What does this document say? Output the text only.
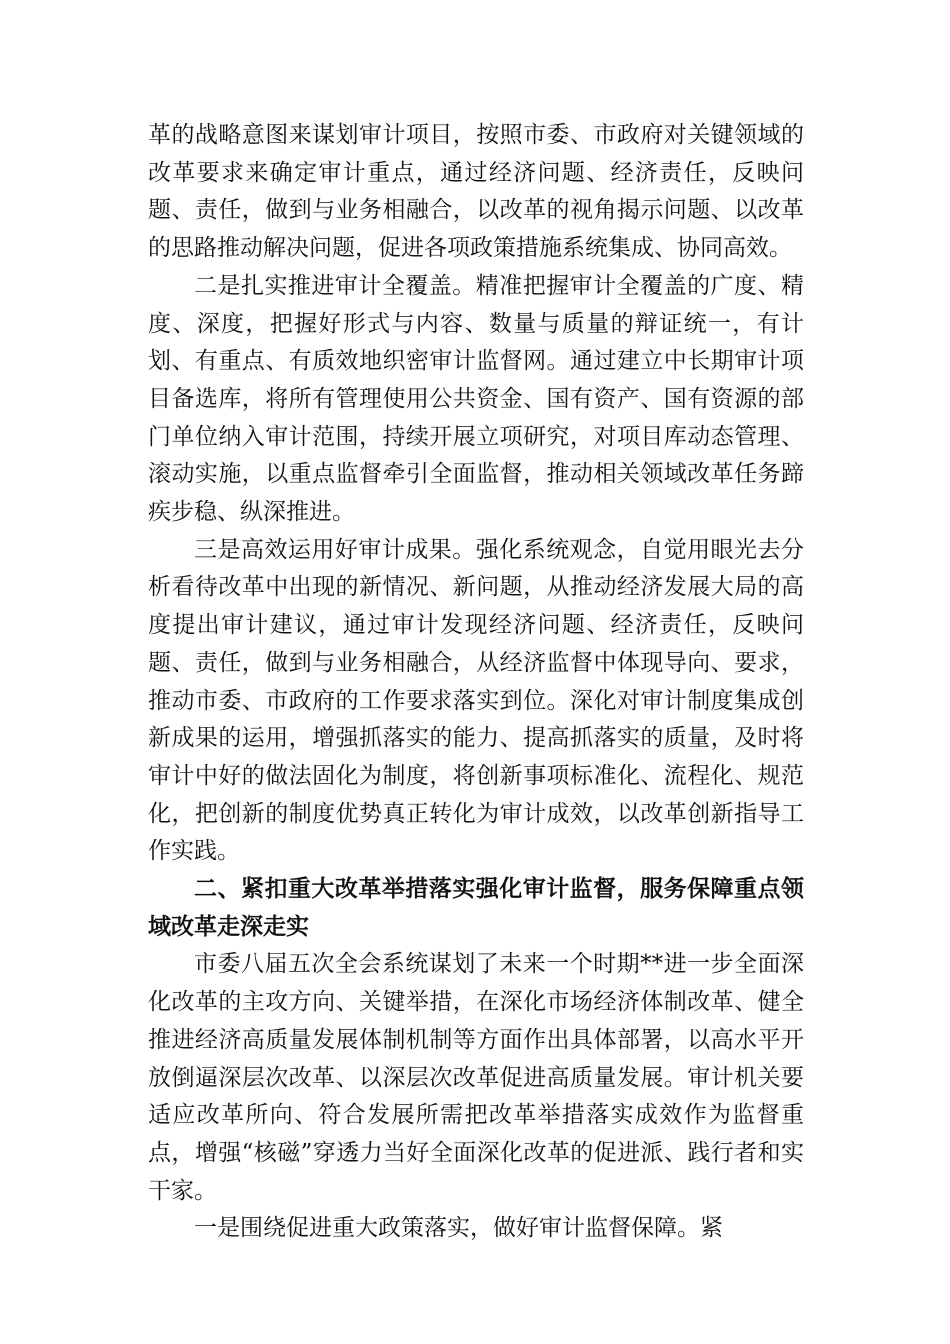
革的战略意图来谋划审计项目，按照市委、市政府对关键领域的改革要求来确定审计重点，通过经济问题、经济责任，反映问题、责任，做到与业务相融合，以改革的视角揭示问题、以改革的思路推动解决问题，促进各项政策措施系统集成、协同高效。

二是扎实推进审计全覆盖。精准把握审计全覆盖的广度、精度、深度，把握好形式与内容、数量与质量的辩证统一，有计划、有重点、有质效地织密审计监督网。通过建立中长期审计项目备选库，将所有管理使用公共资金、国有资产、国有资源的部门单位纳入审计范围，持续开展立项研究，对项目库动态管理、滚动实施，以重点监督牵引全面监督，推动相关领域改革任务蹄疾步稳、纵深推进。

三是高效运用好审计成果。强化系统观念，自觉用眼光去分析看待改革中出现的新情况、新问题，从推动经济发展大局的高度提出审计建议，通过审计发现经济问题、经济责任，反映问题、责任，做到与业务相融合，从经济监督中体现导向、要求，推动市委、市政府的工作要求落实到位。深化对审计制度集成创新成果的运用，增强抓落实的能力、提高抓落实的质量，及时将审计中好的做法固化为制度，将创新事项标准化、流程化、规范化，把创新的制度优势真正转化为审计成效，以改革创新指导工作实践。

二、紧扣重大改革举措落实强化审计监督，服务保障重点领域改革走深走实

市委八届五次全会系统谋划了未来一个时期**进一步全面深化改革的主攻方向、关键举措，在深化市场经济体制改革、健全推进经济高质量发展体制机制等方面作出具体部署，以高水平开放倒逼深层次改革、以深层次改革促进高质量发展。审计机关要适应改革所向、符合发展所需把改革举措落实成效作为监督重点，增强“核磁”穿透力当好全面深化改革的促进派、践行者和实干家。

一是围绕促进重大政策落实，做好审计监督保障。紧
